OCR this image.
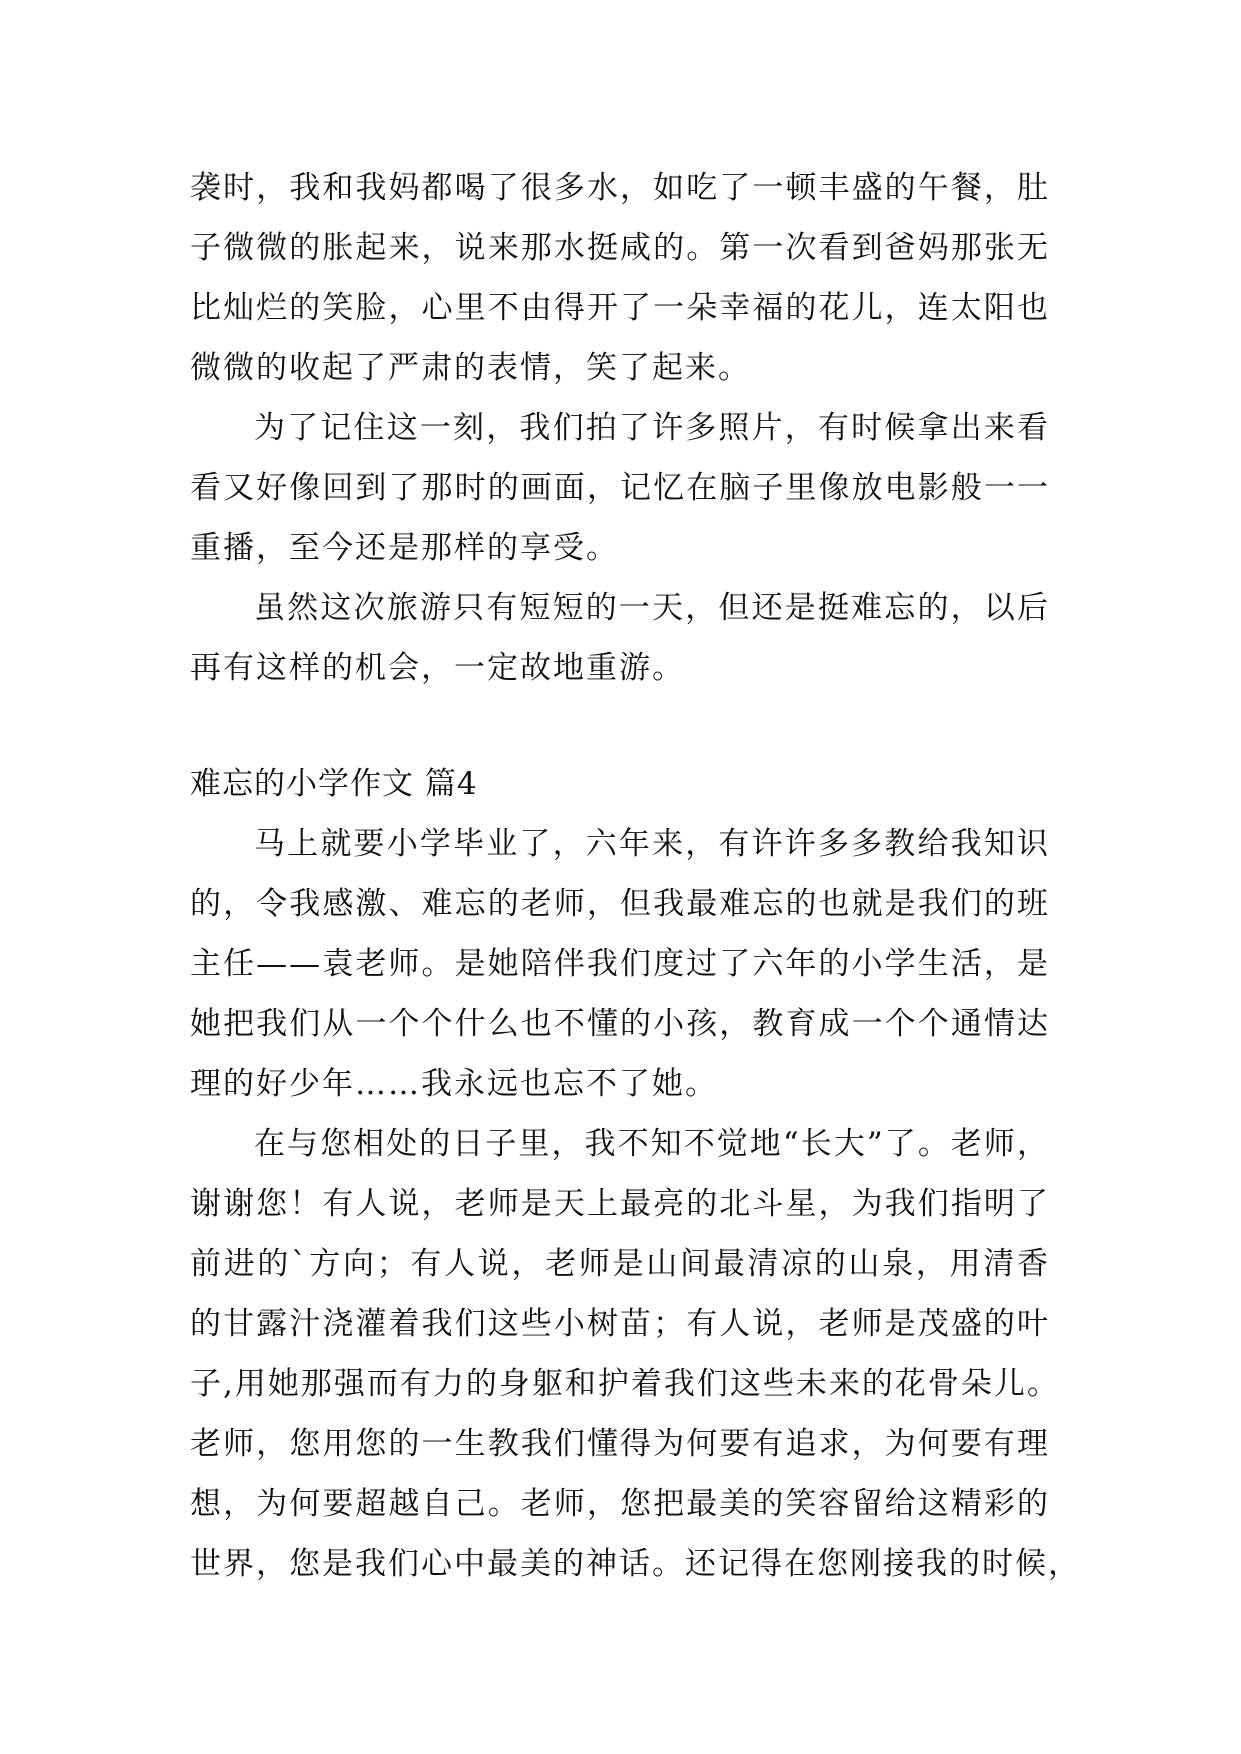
袭时，我和我妈都喝了很多水，如吃了一顿丰盛的午餐，肚
子微微的胀起来，说来那水挺咸的。第一次看到爸妈那张无
比灿烂的笑脸，心里不由得开了一朵幸福的花儿，连太阳也
微微的收起了严肃的表情，笑了起来。
为了记住这一刻，我们拍了许多照片，有时候拿出来看
看又好像回到了那时的画面，记忆在脑子里像放电影般一一
重播，至今还是那样的享受。
虽然这次旅游只有短短的一天，但还是挺难忘的，以后
再有这样的机会，一定故地重游。
难忘的小学作文 篇4
马上就要小学毕业了，六年来，有许许多多教给我知识
的，令我感激、难忘的老师，但我最难忘的也就是我们的班
主任——袁老师。是她陪伴我们度过了六年的小学生活，是
她把我们从一个个什么也不懂的小孩，教育成一个个通情达
理的好少年……我永远也忘不了她。
在与您相处的日子里，我不知不觉地“长大”了。老师，
谢谢您！有人说，老师是天上最亮的北斗星，为我们指明了
前进的`方向；有人说，老师是山间最清凉的山泉，用清香
的甘露汁浇灌着我们这些小树苗；有人说，老师是茂盛的叶
子,用她那强而有力的身躯和护着我们这些未来的花骨朵儿。
老师，您用您的一生教我们懂得为何要有追求，为何要有理
想，为何要超越自己。老师，您把最美的笑容留给这精彩的
世界，您是我们心中最美的神话。还记得在您刚接我的时候，
